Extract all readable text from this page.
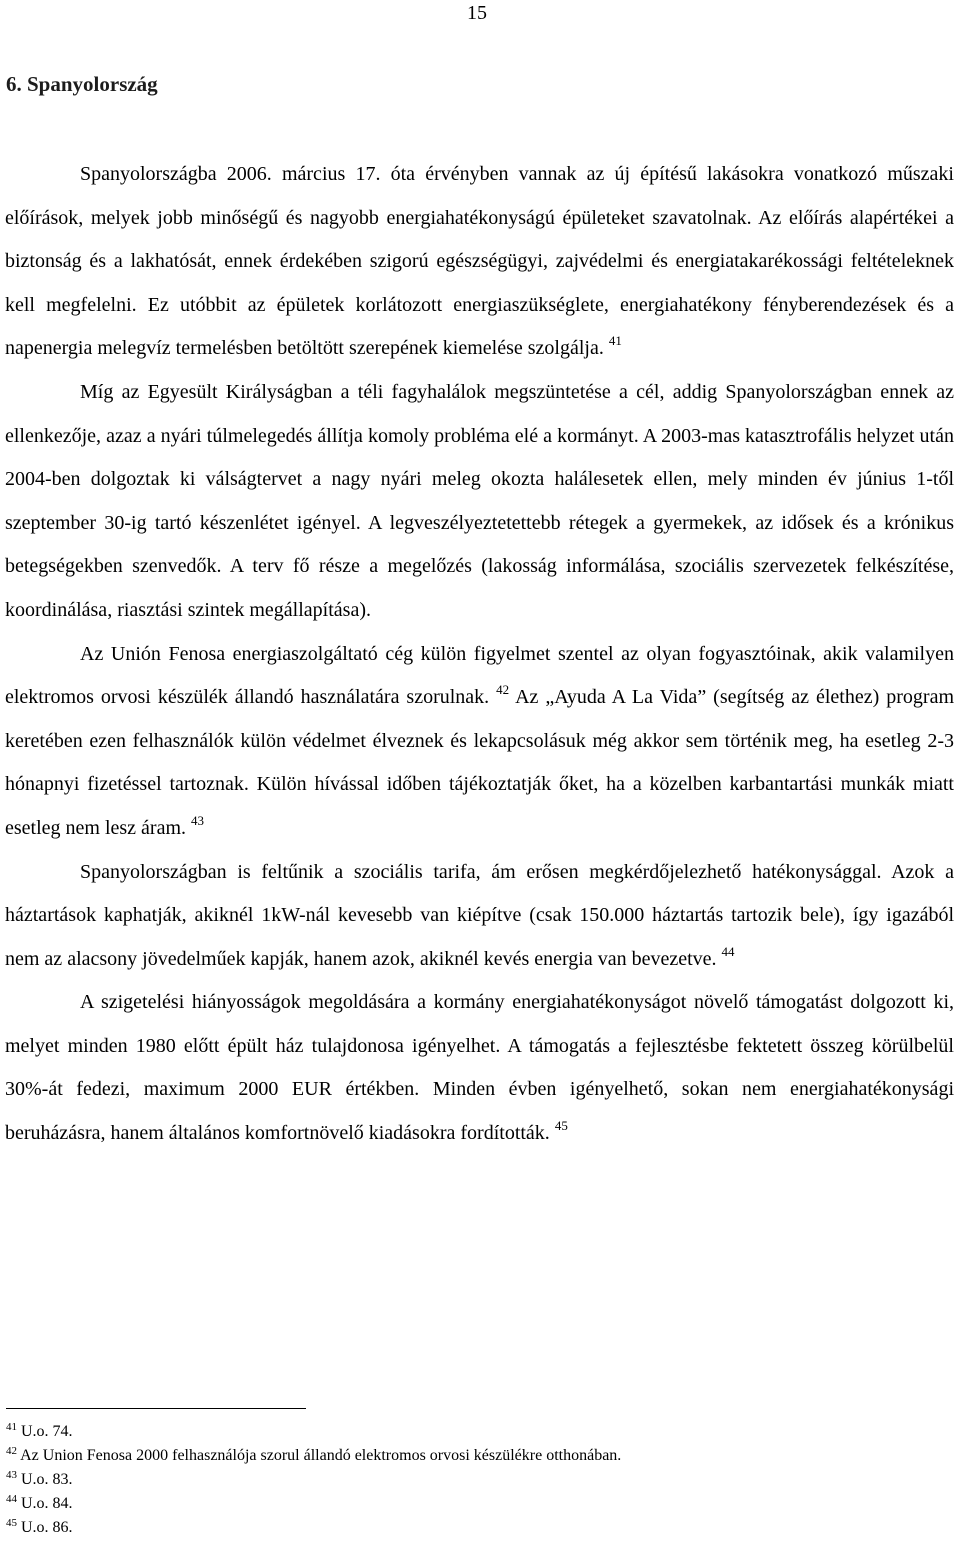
15
6. Spanyolország

Spanyolországba 2006. március 17. óta érvényben vannak az új építésű lakásokra vonatkozó műszaki előírások, melyek jobb minőségű és nagyobb energiahatékonyságú épületeket szavatolnak. Az előírás alapértékei a biztonság és a lakhatósát, ennek érdekében szigorú egészségügyi, zajvédelmi és energiatakarékossági feltételeknek kell megfelelni. Ez utóbbit az épületek korlátozott energiaszükséglete, energiahatékony fényberendezések és a napenergia melegvíz termelésben betöltött szerepének kiemelése szolgálja. $^{41}$

Míg az Egyesült Királyságban a téli fagyhalálok megszüntetése a cél, addig Spanyolországban ennek az ellenkezője, azaz a nyári túlmelegedés állítja komoly probléma elé a kormányt. A 2003-mas katasztrofális helyzet után 2004-ben dolgoztak ki válságtervet a nagy nyári meleg okozta halálesetek ellen, mely minden év június 1-től szeptember 30-ig tartó készenlétet igényel. A legveszélyeztetettebb rétegek a gyermekek, az idősek és a krónikus betegségekben szenvedők. A terv fő része a megelőzés (lakosság informálása, szociális szervezetek felkészítése, koordinálása, riasztási szintek megállapítása).

Az Unión Fenosa energiaszolgáltató cég külön figyelmet szentel az olyan fogyasztóinak, akik valamilyen elektromos orvosi készülék állandó használatára szorulnak. $^{42}$ Az „Ayuda A La Vida” (segítség az élethez) program keretében ezen felhasználók külön védelmet élveznek és lekapcsolásuk még akkor sem történik meg, ha esetleg 2-3 hónapnyi fizetéssel tartoznak. Külön hívással időben tájékoztatják őket, ha a közelben karbantartási munkák miatt esetleg nem lesz áram. $^{43}$

Spanyolországban is feltűnik a szociális tarifa, ám erősen megkérdőjelezhető hatékonysággal. Azok a háztartások kaphatják, akiknél 1kW-nál kevesebb van kiépítve (csak 150.000 háztartás tartozik bele), így igazából nem az alacsony jövedelműek kapják, hanem azok, akiknél kevés energia van bevezetve. $^{44}$

A szigetelési hiányosságok megoldására a kormány energiahatékonyságot növelő támogatást dolgozott ki, melyet minden 1980 előtt épült ház tulajdonosa igényelhet. A támogatás a fejlesztésbe fektetett összeg körülbelül 30%-át fedezi, maximum 2000 EUR értékben. Minden évben igényelhető, sokan nem energiahatékonysági beruházásra, hanem általános komfortnövelő kiadásokra fordították. $^{45}$

$^{41}$ U.o. 74.
$^{42}$ Az Union Fenosa 2000 felhasználója szorul állandó elektromos orvosi készülékre otthonában.
$^{43}$ U.o. 83.
$^{44}$ U.o. 84.
$^{45}$ U.o. 86.
